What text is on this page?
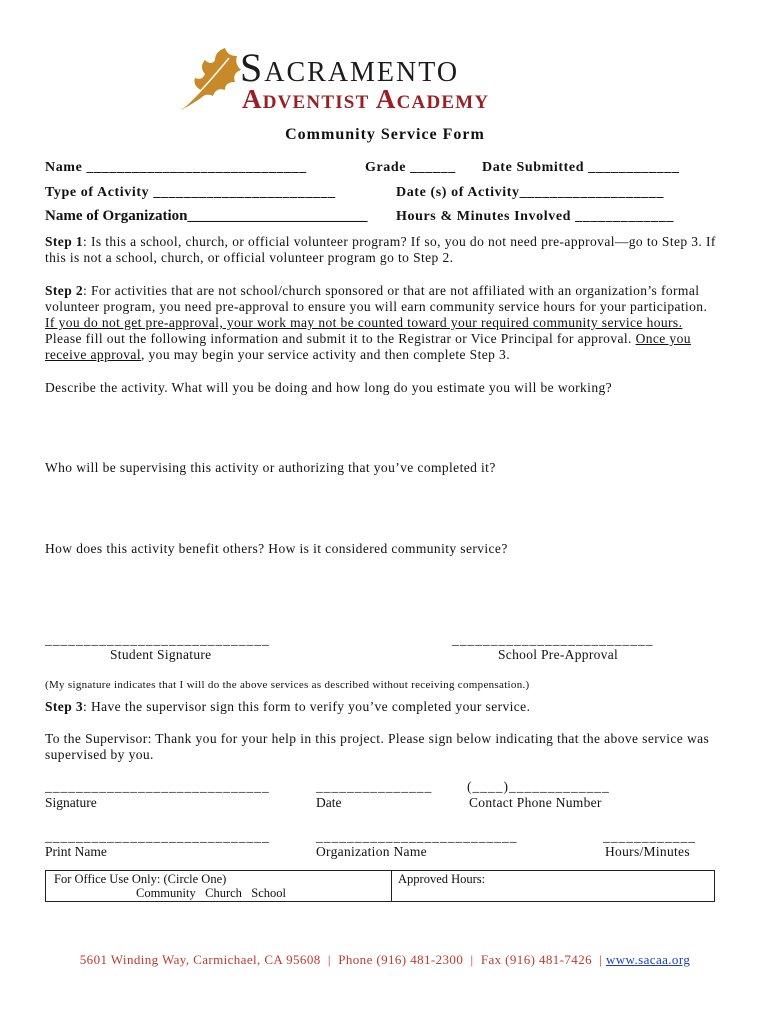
Sacramento
Adventist Academy
Community Service Form
Name _____________________________	Grade ______ Date Submitted ____________
Type of Activity ________________________	Date (s) of Activity___________________
Name of Organization________________________ Hours & Minutes Involved _____________
Step 1: Is this a school, church, or official volunteer program? If so, you do not need pre-approval—go to Step 3. If this is not a school, church, or official volunteer program go to Step 2.
Step 2: For activities that are not school/church sponsored or that are not affiliated with an organization’s formal volunteer program, you need pre-approval to ensure you will earn community service hours for your participation. If you do not get pre-approval, your work may not be counted toward your required community service hours. Please fill out the following information and submit it to the Registrar or Vice Principal for approval. Once you receive approval, you may begin your service activity and then complete Step 3.
Describe the activity. What will you be doing and how long do you estimate you will be working?
Who will be supervising this activity or authorizing that you’ve completed it?
How does this activity benefit others? How is it considered community service?
_____________________________	__________________________
Student Signature	School Pre-Approval
(My signature indicates that I will do the above services as described without receiving compensation.)
Step 3: Have the supervisor sign this form to verify you’ve completed your service.
To the Supervisor: Thank you for your help in this project. Please sign below indicating that the above service was supervised by you.
_____________________________	_______________	(____)_____________
Signature	Date	Contact Phone Number
_____________________________	__________________________	____________
Print Name	Organization Name	Hours/Minutes
For Office Use Only: (Circle One)
Community   Church   School
Approved Hours:
5601 Winding Way, Carmichael, CA 95608  |  Phone (916) 481-2300  |  Fax (916) 481-7426  | www.sacaa.org
